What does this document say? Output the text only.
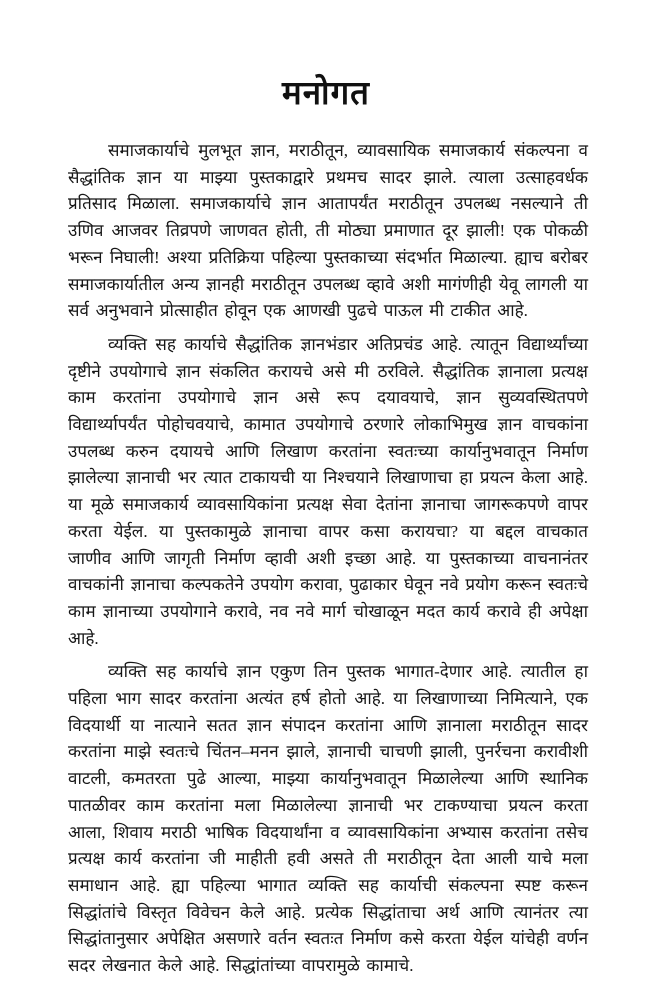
मनोगत

समाजकार्याचे मुलभूत ज्ञान, मराठीतून, व्यावसायिक समाजकार्य संकल्पना व सैद्धांतिक ज्ञान या माझ्या पुस्तकाद्वारे प्रथमच सादर झाले. त्याला उत्साहवर्धक प्रतिसाद मिळाला. समाजकार्याचे ज्ञान आतापर्यंत मराठीतून उपलब्ध नसल्याने ती उणिव आजवर तिव्रपणे जाणवत होती, ती मोठ्या प्रमाणात दूर झाली! एक पोकळी भरून निघाली! अश्या प्रतिक्रिया पहिल्या पुस्तकाच्या संदर्भात मिळाल्या. ह्याच बरोबर समाजकार्यातील अन्य ज्ञानही मराठीतून उपलब्ध व्हावे अशी मागंणीही येवू लागली या सर्व अनुभवाने प्रोत्साहीत होवून एक आणखी पुढचे पाऊल मी टाकीत आहे.

व्यक्ति सह कार्याचे सैद्धांतिक ज्ञानभंडार अतिप्रचंड आहे. त्यातून विद्यार्थ्यांच्या दृष्टीने उपयोगाचे ज्ञान संकलित करायचे असे मी ठरविले. सैद्धांतिक ज्ञानाला प्रत्यक्ष काम करतांना उपयोगाचे ज्ञान असे रूप दयावयाचे, ज्ञान सुव्यवस्थितपणे विद्यार्थ्यापर्यंत पोहोचवयाचे, कामात उपयोगाचे ठरणारे लोकाभिमुख ज्ञान वाचकांना उपलब्ध करुन दयायचे आणि लिखाण करतांना स्वतःच्या कार्यानुभवातून निर्माण झालेल्या ज्ञानाची भर त्यात टाकायची या निश्चयाने लिखाणाचा हा प्रयत्न केला आहे. या मूळे समाजकार्य व्यावसायिकांना प्रत्यक्ष सेवा देतांना ज्ञानाचा जागरूकपणे वापर करता येईल. या पुस्तकामुळे ज्ञानाचा वापर कसा करायचा? या बद्दल वाचकात जाणीव आणि जागृती निर्माण व्हावी अशी इच्छा आहे. या पुस्तकाच्या वाचनानंतर वाचकांनी ज्ञानाचा कल्पकतेने उपयोग करावा, पुढाकार घेवून नवे प्रयोग करून स्वतःचे काम ज्ञानाच्या उपयोगाने करावे, नव नवे मार्ग चोखाळून मदत कार्य करावे ही अपेक्षा आहे.

व्यक्ति सह कार्याचे ज्ञान एकुण तिन पुस्तक भागात-देणार आहे. त्यातील हा पहिला भाग सादर करतांना अत्यंत हर्ष होतो आहे. या लिखाणाच्या निमित्याने, एक विदयार्थी या नात्याने सतत ज्ञान संपादन करतांना आणि ज्ञानाला मराठीतून सादर करतांना माझे स्वतःचे चिंतन–मनन झाले, ज्ञानाची चाचणी झाली, पुनर्रचना करावीशी वाटली, कमतरता पुढे आल्या, माझ्या कार्यानुभवातून मिळालेल्या आणि स्थानिक पातळीवर काम करतांना मला मिळालेल्या ज्ञानाची भर टाकण्याचा प्रयत्न करता आला, शिवाय मराठी भाषिक विदयार्थांना व व्यावसायिकांना अभ्यास करतांना तसेच प्रत्यक्ष कार्य करतांना जी माहीती हवी असते ती मराठीतून देता आली याचे मला समाधान आहे. ह्या पहिल्या भागात व्यक्ति सह कार्याची संकल्पना स्पष्ट करून सिद्धांतांचे विस्तृत विवेचन केले आहे. प्रत्येक सिद्धांताचा अर्थ आणि त्यानंतर त्या सिद्धांतानुसार अपेक्षित असणारे वर्तन स्वतःत निर्माण कसे करता येईल यांचेही वर्णन सदर लेखनात केले आहे. सिद्धांतांच्या वापरामुळे कामाचे.
